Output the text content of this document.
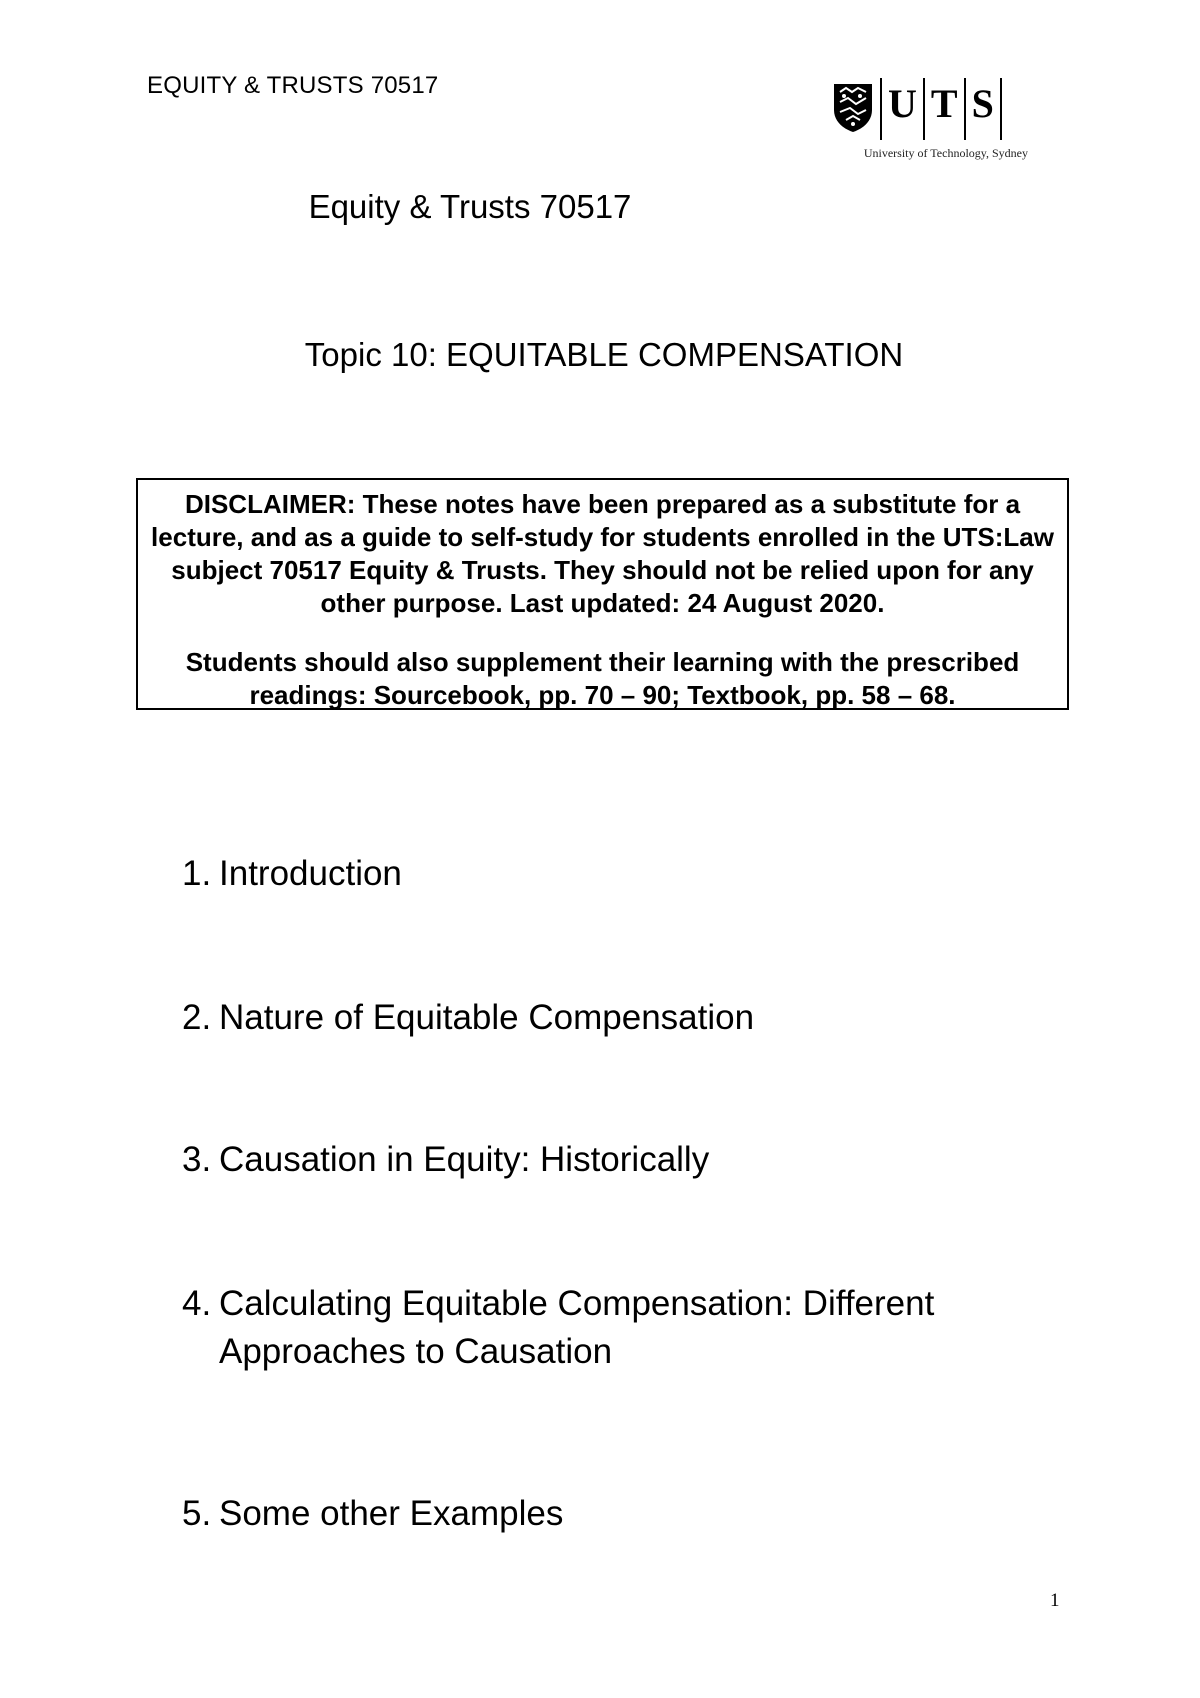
EQUITY & TRUSTS 70517	U T S
University of Technology, Sydney
Equity & Trusts 70517
Topic 10: EQUITABLE COMPENSATION

DISCLAIMER: These notes have been prepared as a substitute for a lecture, and as a guide to self-study for students enrolled in the UTS:Law subject 70517 Equity & Trusts. They should not be relied upon for any other purpose. Last updated: 24 August 2020.

Students should also supplement their learning with the prescribed readings: Sourcebook, pp. 70 – 90; Textbook, pp. 58 – 68.

1. Introduction
2. Nature of Equitable Compensation
3. Causation in Equity: Historically
4. Calculating Equitable Compensation: Different Approaches to Causation
5. Some other Examples
1
